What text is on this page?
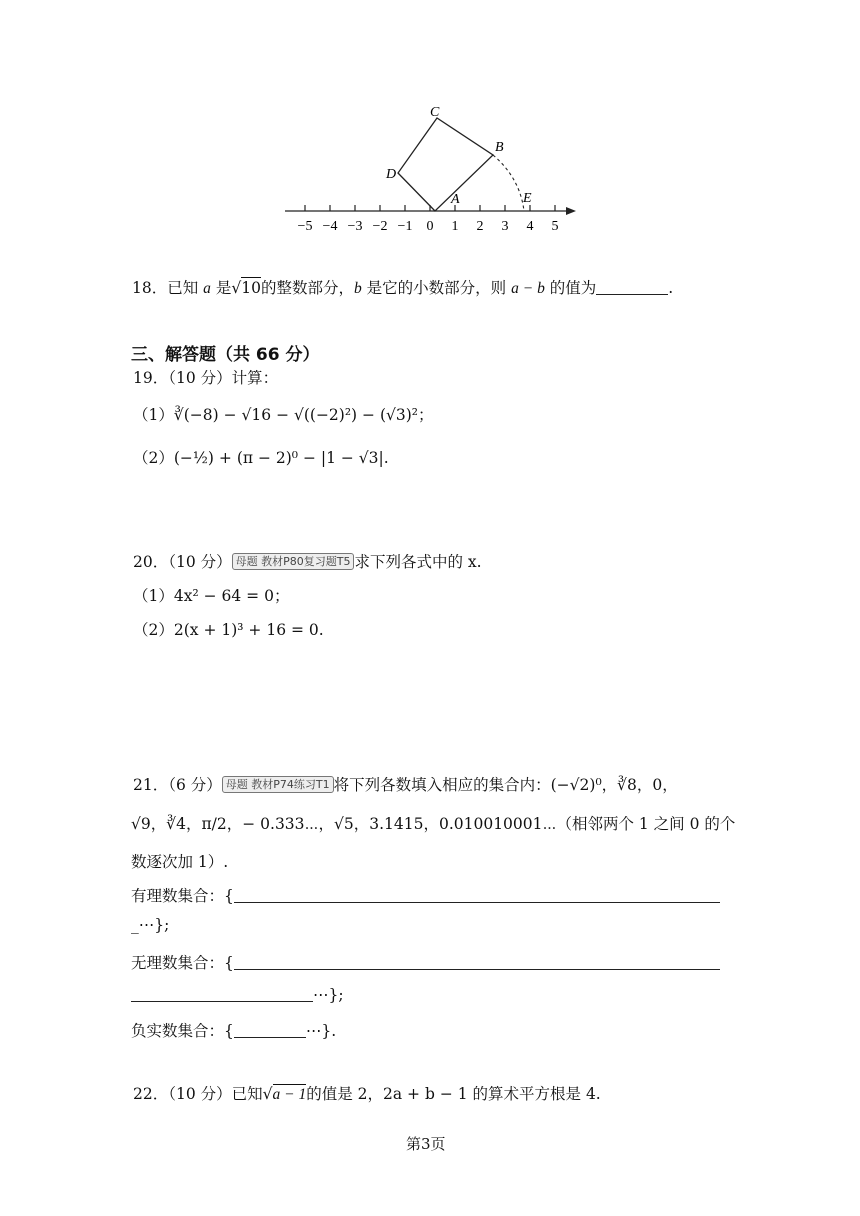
−5 −4 −3 −2 −1 0 1 2 3 4 5
C
B
D
A	E
18．已知 a 是√10的整数部分，b 是它的小数部分，则 a − b 的值为	.
三、解答题（共 66 分）
19．（10 分）计算：
（1）∛(−8) − √16 − √((−2)²) − (√3)²；
（2）(−½) + (π − 2)⁰ − |1 − √3|.
20．（10 分） 母题 教材P80复习题T5 求下列各式中的 x.
（1）4x² − 64 = 0；
（2）2(x + 1)³ + 16 = 0.
21．（6 分） 母题 教材P74练习T1 将下列各数填入相应的集合内：(−√2)⁰，∛8，0，
√9，∛4，π/2，− 0.333⋯，√5，3.1415，0.010010001⋯（相邻两个 1 之间 0 的个
数逐次加 1）.
有理数集合：{
_⋯};
无理数集合：{
⋯};
负实数集合：{	⋯}.
22．（10 分）已知√a − 1的值是 2，2a + b − 1 的算术平方根是 4.
第3页
